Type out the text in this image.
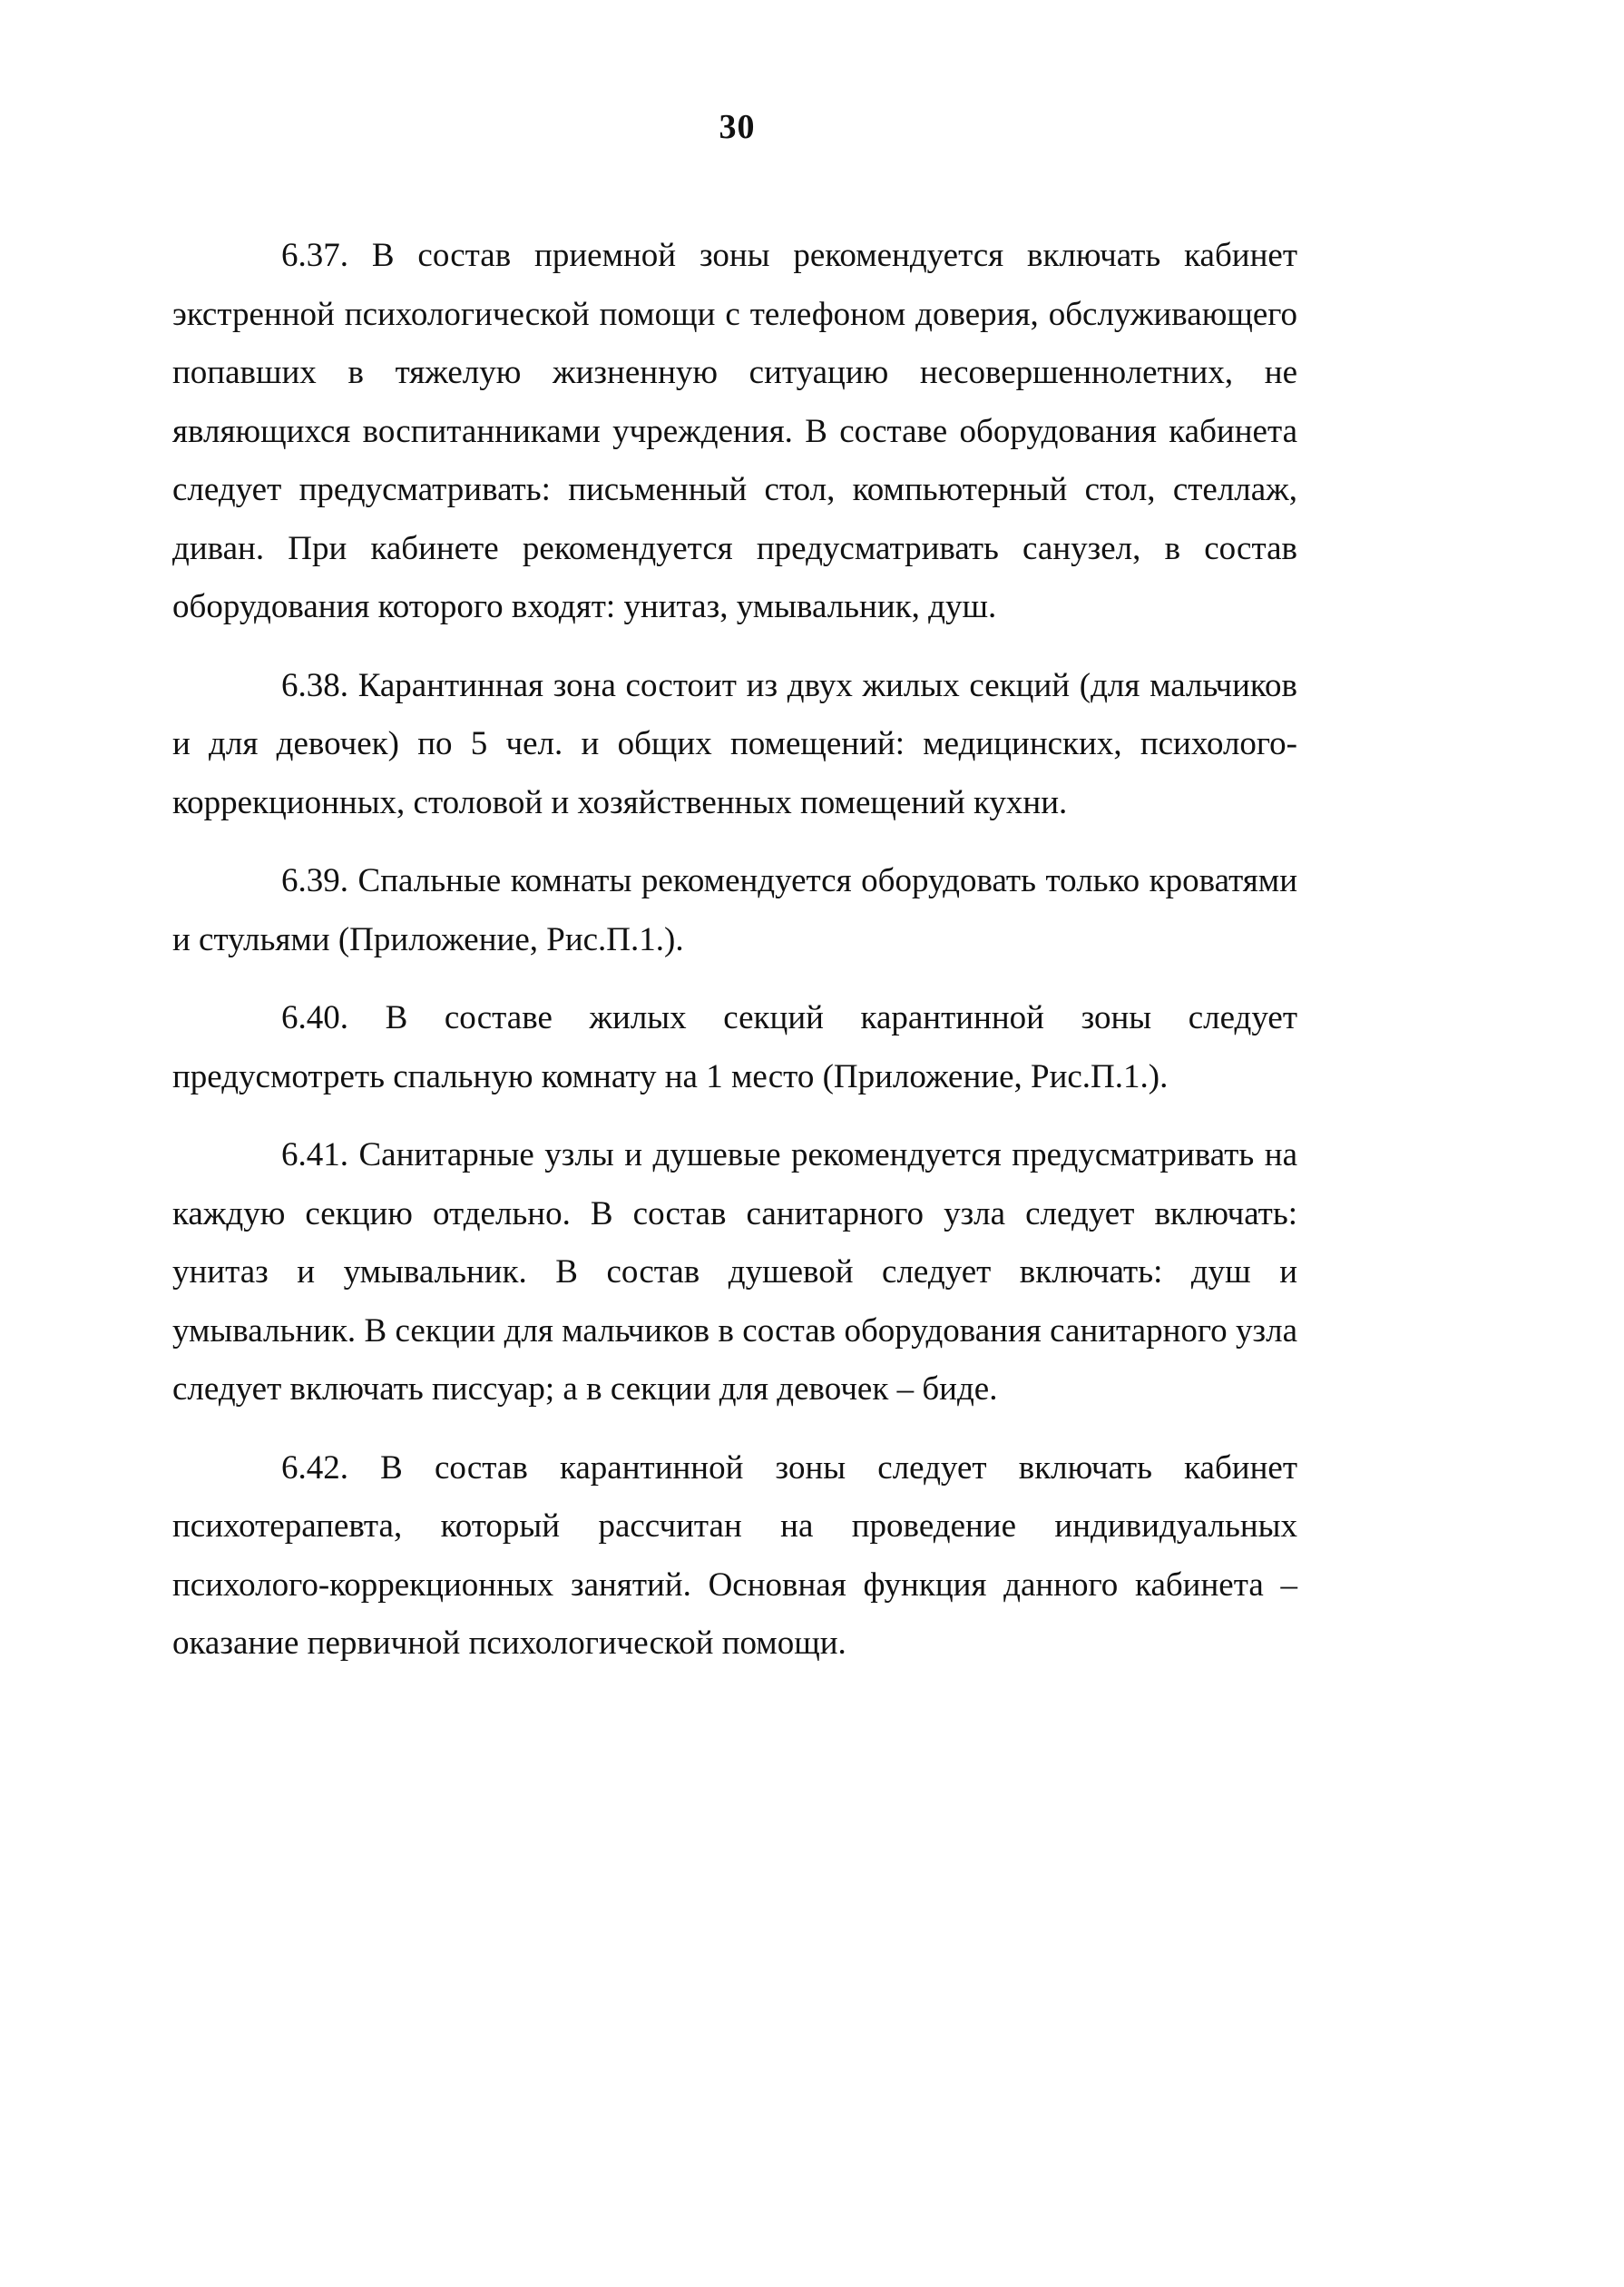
30

6.37. В состав приемной зоны рекомендуется включать кабинет экстренной психологической помощи с телефоном доверия, обслуживающего попавших в тяжелую жизненную ситуацию несовершеннолетних, не являющихся воспитанниками учреждения. В составе оборудования кабинета следует предусматривать: письменный стол, компьютерный стол, стеллаж, диван. При кабинете рекомендуется предусматривать санузел, в состав оборудования которого входят: унитаз, умывальник, душ.

6.38. Карантинная зона состоит из двух жилых секций (для мальчиков и для девочек) по 5 чел. и общих помещений: медицинских, психолого-коррекционных, столовой и хозяйственных помещений кухни.

6.39. Спальные комнаты рекомендуется оборудовать только кроватями и стульями (Приложение, Рис.П.1.).

6.40. В составе жилых секций карантинной зоны следует предусмотреть спальную комнату на 1 место (Приложение, Рис.П.1.).

6.41. Санитарные узлы и душевые рекомендуется предусматривать на каждую секцию отдельно. В состав санитарного узла следует включать: унитаз и умывальник. В состав душевой следует включать: душ и умывальник. В секции для мальчиков в состав оборудования санитарного узла следует включать писсуар; а в секции для девочек – биде.

6.42. В состав карантинной зоны следует включать кабинет психотерапевта, который рассчитан на проведение индивидуальных психолого-коррекционных занятий. Основная функция данного кабинета – оказание первичной психологической помощи.
